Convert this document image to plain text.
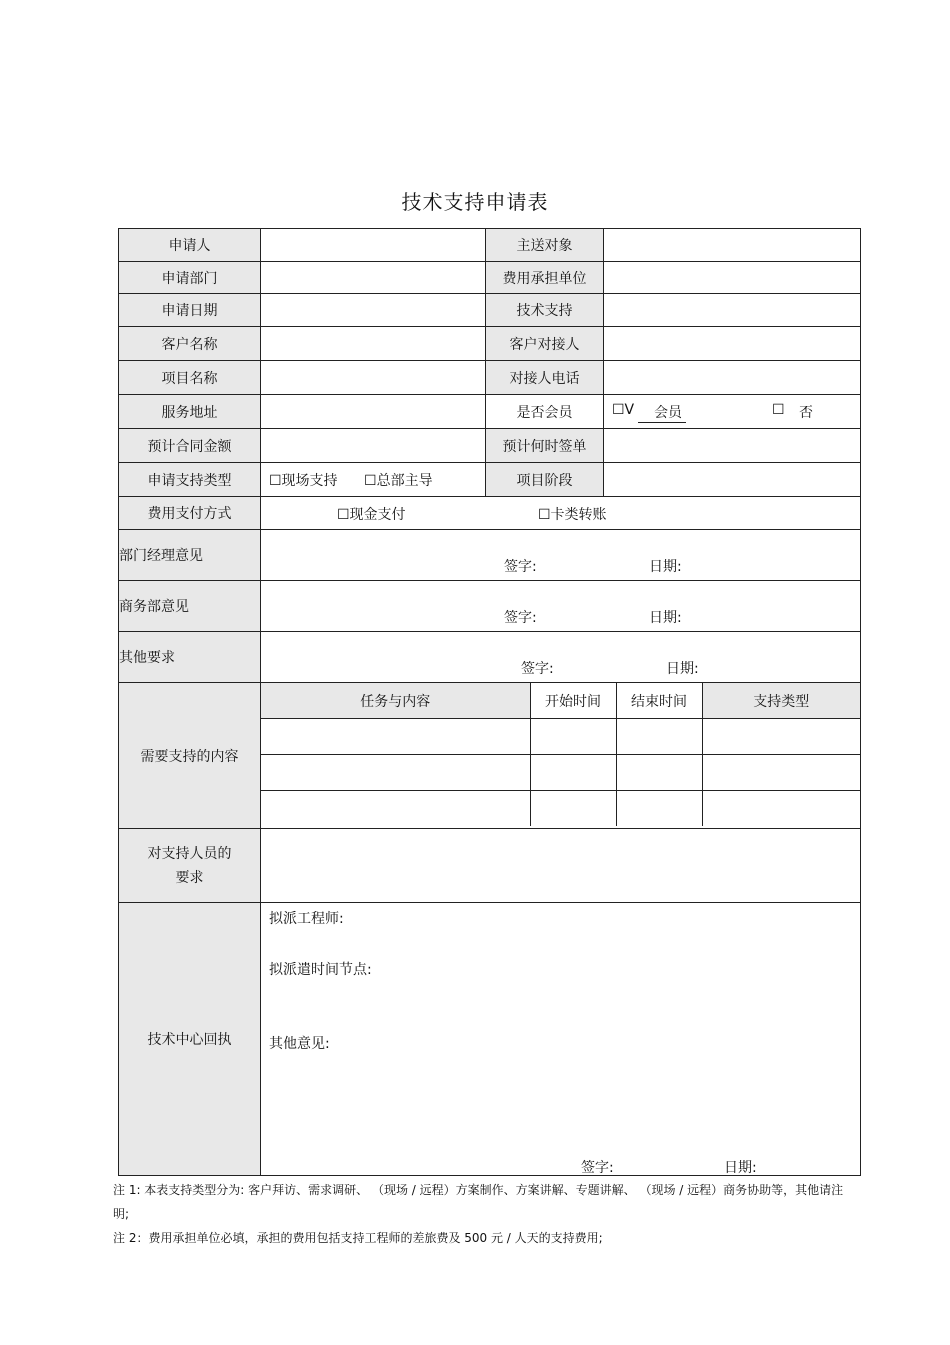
技术支持申请表
申请人		主送对象	
申请部门		费用承担单位	
申请日期		技术支持	
客户名称		客户对接人	
项目名称		对接人电话	
服务地址		是否会员	☐V	会员	☐ 否

预计合同金额		预计何时签单	
申请支持类型	☐现场支持 ☐总部主导	项目阶段	
费用支付方式	☐现金支付	☐卡类转账

部门经理意见	
签字:	日期:

商务部意见	
签字:	日期:

其他要求	
签字:	日期:

需要支持的内容	
任务与内容	开始时间	结束时间	支持类型

对支持人员的
要求

技术中心回执	
拟派工程师:
拟派遣时间节点:
其他意见:
签字:	日期:
注 1: 本表支持类型分为: 客户拜访、需求调研、 （现场 / 远程）方案制作、方案讲解、专题讲解、 （现场 / 远程）商务协助等，其他请注明;
注 2：费用承担单位必填，承担的费用包括支持工程师的差旅费及 500 元 / 人天的支持费用;
